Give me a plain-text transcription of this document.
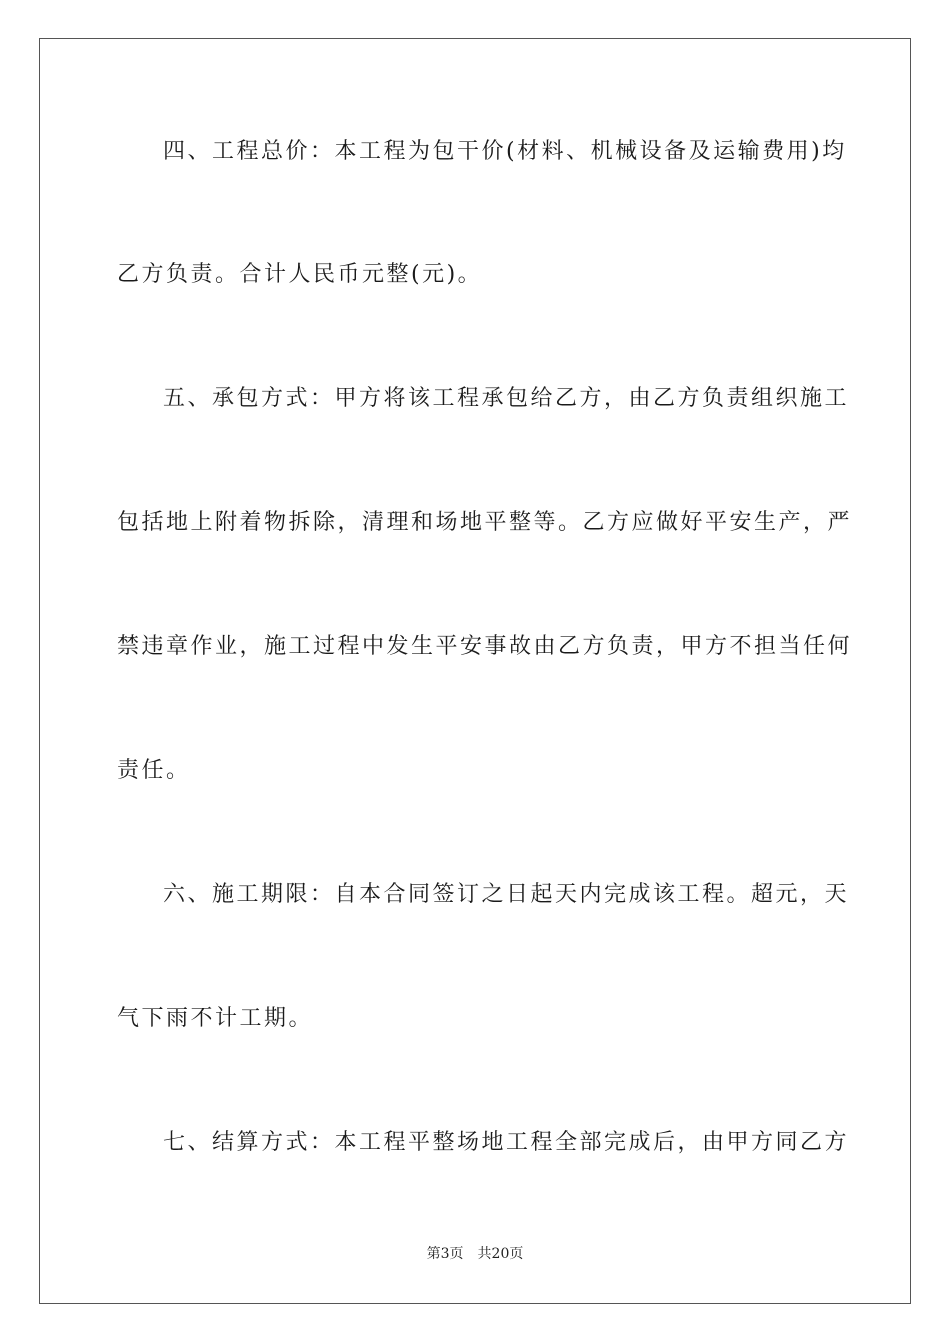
四、工程总价：本工程为包干价(材料、机械设备及运输费用)均
乙方负责。合计人民币元整(元)。
五、承包方式：甲方将该工程承包给乙方，由乙方负责组织施工
包括地上附着物拆除，清理和场地平整等。乙方应做好平安生产，严
禁违章作业，施工过程中发生平安事故由乙方负责，甲方不担当任何
责任。
六、施工期限：自本合同签订之日起天内完成该工程。超元，天
气下雨不计工期。
七、结算方式：本工程平整场地工程全部完成后，由甲方同乙方
第3页 共20页
